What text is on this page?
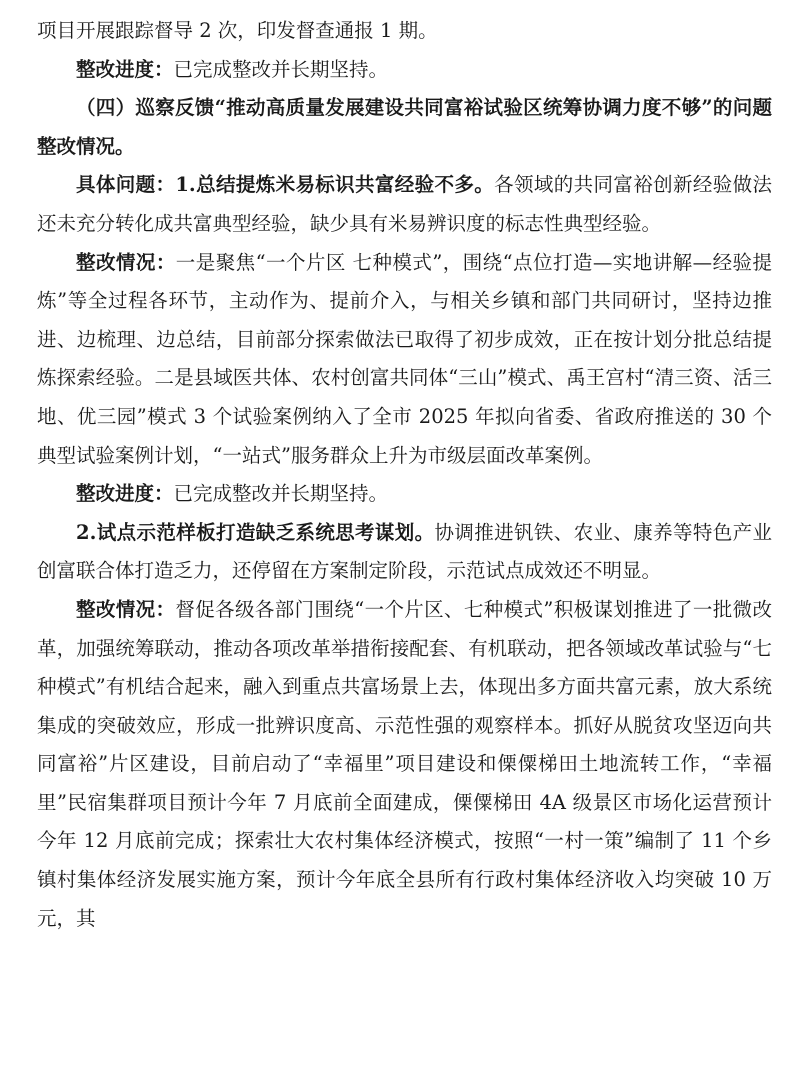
项目开展跟踪督导 2 次，印发督查通报 1 期。

整改进度：已完成整改并长期坚持。

（四）巡察反馈“推动高质量发展建设共同富裕试验区统筹协调力度不够”的问题整改情况。

具体问题：1.总结提炼米易标识共富经验不多。各领域的共同富裕创新经验做法还未充分转化成共富典型经验，缺少具有米易辨识度的标志性典型经验。

整改情况：一是聚焦“一个片区 七种模式”，围绕“点位打造—实地讲解—经验提炼”等全过程各环节，主动作为、提前介入，与相关乡镇和部门共同研讨，坚持边推进、边梳理、边总结，目前部分探索做法已取得了初步成效，正在按计划分批总结提炼探索经验。二是县域医共体、农村创富共同体“三山”模式、禹王宫村“清三资、活三地、优三园”模式 3 个试验案例纳入了全市 2025 年拟向省委、省政府推送的 30 个典型试验案例计划，“一站式”服务群众上升为市级层面改革案例。

整改进度：已完成整改并长期坚持。

2.试点示范样板打造缺乏系统思考谋划。协调推进钒铁、农业、康养等特色产业创富联合体打造乏力，还停留在方案制定阶段，示范试点成效还不明显。

整改情况：督促各级各部门围绕“一个片区、七种模式”积极谋划推进了一批微改革，加强统筹联动，推动各项改革举措衔接配套、有机联动，把各领域改革试验与“七种模式”有机结合起来，融入到重点共富场景上去，体现出多方面共富元素，放大系统集成的突破效应，形成一批辨识度高、示范性强的观察样本。抓好从脱贫攻坚迈向共同富裕”片区建设，目前启动了“幸福里”项目建设和傈僳梯田土地流转工作，“幸福里”民宿集群项目预计今年 7 月底前全面建成，傈僳梯田 4A 级景区市场化运营预计今年 12 月底前完成；探索壮大农村集体经济模式，按照“一村一策”编制了 11 个乡镇村集体经济发展实施方案，预计今年底全县所有行政村集体经济收入均突破 10 万元，其
